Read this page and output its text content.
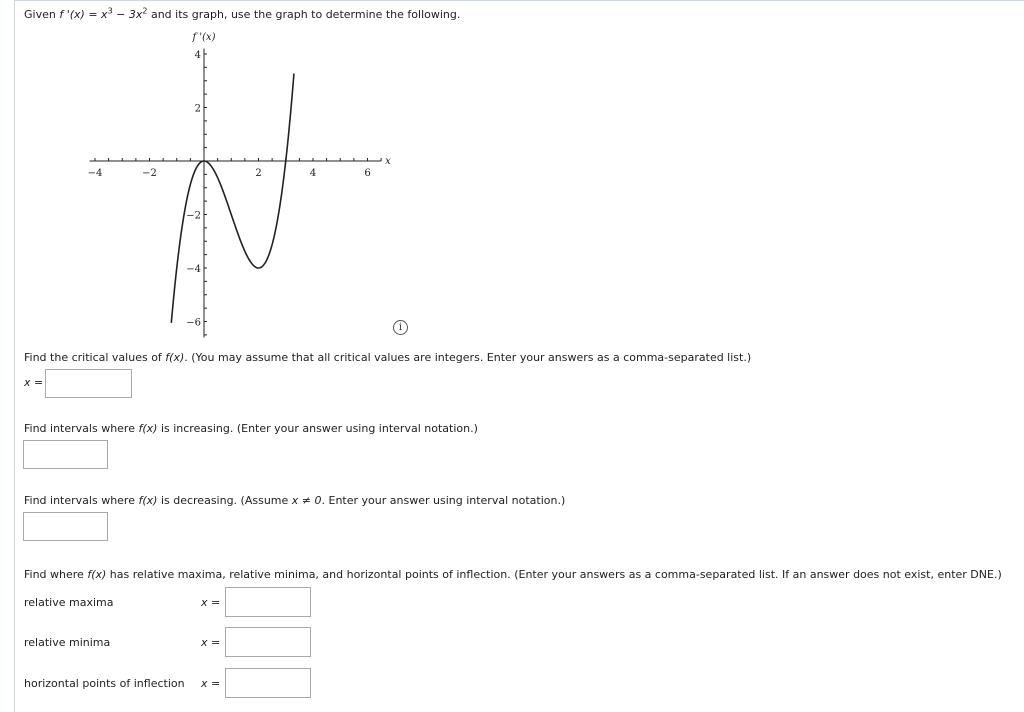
Given f '$(x) = x^3 - 3x^2$ and its graph, use the graph to determine the following.
−4	−2	2	4	6
4
2
−2
−4
−6
f '(x)
x
i
Find the critical values of f(x). (You may assume that all critical values are integers. Enter your answers as a comma-separated list.)
x =
Find intervals where f(x) is increasing. (Enter your answer using interval notation.)
Find intervals where f(x) is decreasing. (Assume x ≠ 0. Enter your answer using interval notation.)
Find where f(x) has relative maxima, relative minima, and horizontal points of inflection. (Enter your answers as a comma-separated list. If an answer does not exist, enter DNE.)
relative maxima	x =
relative minima	x =
horizontal points of inflection x =
